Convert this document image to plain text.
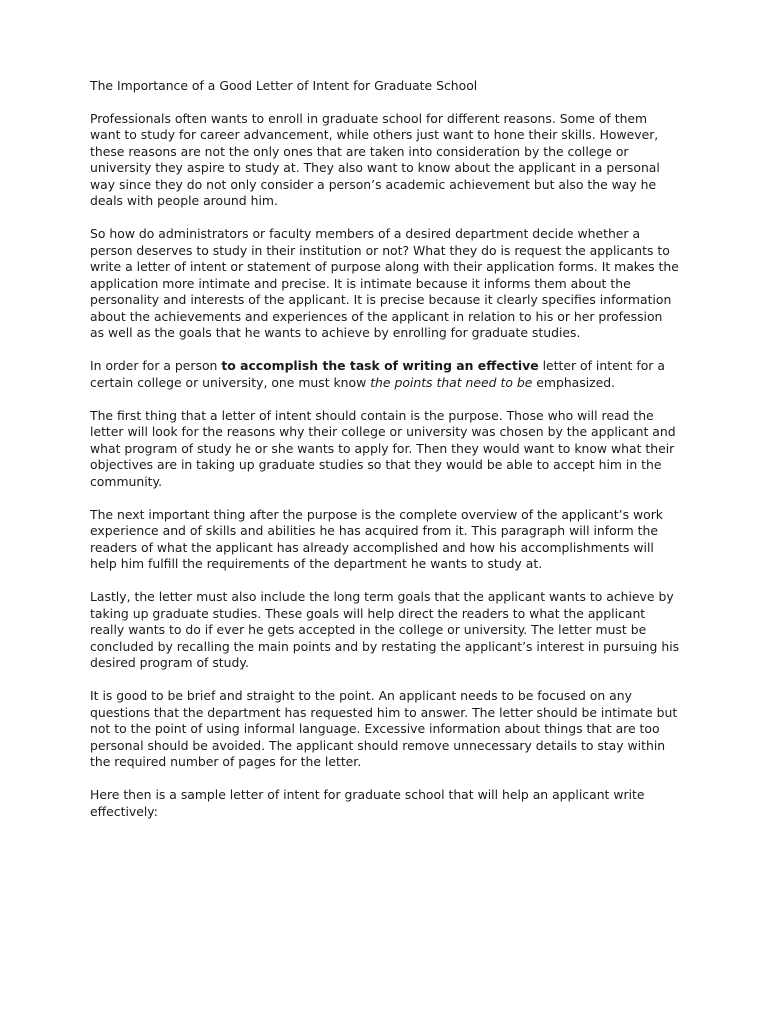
The Importance of a Good Letter of Intent for Graduate School

Professionals often wants to enroll in graduate school for different reasons. Some of them want to study for career advancement, while others just want to hone their skills. However, these reasons are not the only ones that are taken into consideration by the college or university they aspire to study at. They also want to know about the applicant in a personal way since they do not only consider a person’s academic achievement but also the way he deals with people around him.

So how do administrators or faculty members of a desired department decide whether a person deserves to study in their institution or not? What they do is request the applicants to write a letter of intent or statement of purpose along with their application forms. It makes the application more intimate and precise. It is intimate because it informs them about the personality and interests of the applicant. It is precise because it clearly specifies information about the achievements and experiences of the applicant in relation to his or her profession as well as the goals that he wants to achieve by enrolling for graduate studies.

In order for a person to accomplish the task of writing an effective letter of intent for a certain college or university, one must know the points that need to be emphasized.

The first thing that a letter of intent should contain is the purpose. Those who will read the letter will look for the reasons why their college or university was chosen by the applicant and what program of study he or she wants to apply for. Then they would want to know what their objectives are in taking up graduate studies so that they would be able to accept him in the community.

The next important thing after the purpose is the complete overview of the applicant’s work experience and of skills and abilities he has acquired from it. This paragraph will inform the readers of what the applicant has already accomplished and how his accomplishments will help him fulfill the requirements of the department he wants to study at.

Lastly, the letter must also include the long term goals that the applicant wants to achieve by taking up graduate studies. These goals will help direct the readers to what the applicant really wants to do if ever he gets accepted in the college or university. The letter must be concluded by recalling the main points and by restating the applicant’s interest in pursuing his desired program of study.

It is good to be brief and straight to the point. An applicant needs to be focused on any questions that the department has requested him to answer. The letter should be intimate but not to the point of using informal language. Excessive information about things that are too personal should be avoided. The applicant should remove unnecessary details to stay within the required number of pages for the letter.

Here then is a sample letter of intent for graduate school that will help an applicant write effectively:
